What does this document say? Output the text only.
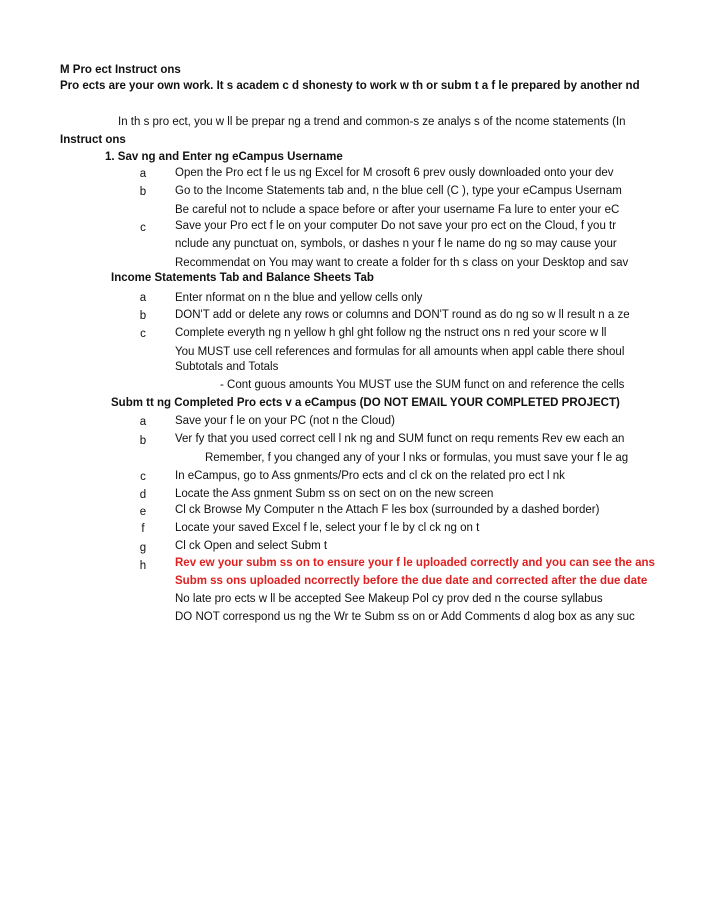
M Pro ect Instruct ons
Pro ects are your own work. It s academ c d shonesty to work w th or subm t a f le prepared by another nd
In th s pro ect, you w ll be prepar ng a trend and common-s ze analys s of the ncome statements (In
Instruct ons
1. Sav ng and Enter ng eCampus Username
a	Open the Pro ect f le us ng Excel for M crosoft 6 prev ously downloaded onto your dev
b	Go to the Income Statements tab and, n the blue cell (C ), type your eCampus Usernam
Be careful not to nclude a space before or after your username Fa lure to enter your eC
c	Save your Pro ect f le on your computer Do not save your pro ect on the Cloud, f you tr
nclude any punctuat on, symbols, or dashes n your f le name do ng so may cause your
Recommendat on You may want to create a folder for th s class on your Desktop and sav
Income Statements Tab and Balance Sheets Tab
a	Enter nformat on n the blue and yellow cells only
b	DON'T add or delete any rows or columns and DON'T round as do ng so w ll result n a ze
c	Complete everyth ng n yellow h ghl ght follow ng the nstruct ons n red your score w ll
You MUST use cell references and formulas for all amounts when appl cable there shoul
Subtotals and Totals
- Cont guous amounts You MUST use the SUM funct on and reference the cells
Subm tt ng Completed Pro ects v a eCampus (DO NOT EMAIL YOUR COMPLETED PROJECT)
a	Save your f le on your PC (not n the Cloud)
b	Ver fy that you used correct cell l nk ng and SUM funct on requ rements Rev ew each an
Remember, f you changed any of your l nks or formulas, you must save your f le ag
c	In eCampus, go to Ass gnments/Pro ects and cl ck on the related pro ect l nk
d	Locate the Ass gnment Subm ss on sect on on the new screen
e	Cl ck Browse My Computer n the Attach F les box (surrounded by a dashed border)
f	Locate your saved Excel f le, select your f le by cl ck ng on t
g	Cl ck Open and select Subm t
h	Rev ew your subm ss on to ensure your f le uploaded correctly and you can see the ans
Subm ss ons uploaded ncorrectly before the due date and corrected after the due date
No late pro ects w ll be accepted See Makeup Pol cy prov ded n the course syllabus
DO NOT correspond us ng the Wr te Subm ss on or Add Comments d alog box as any suc
